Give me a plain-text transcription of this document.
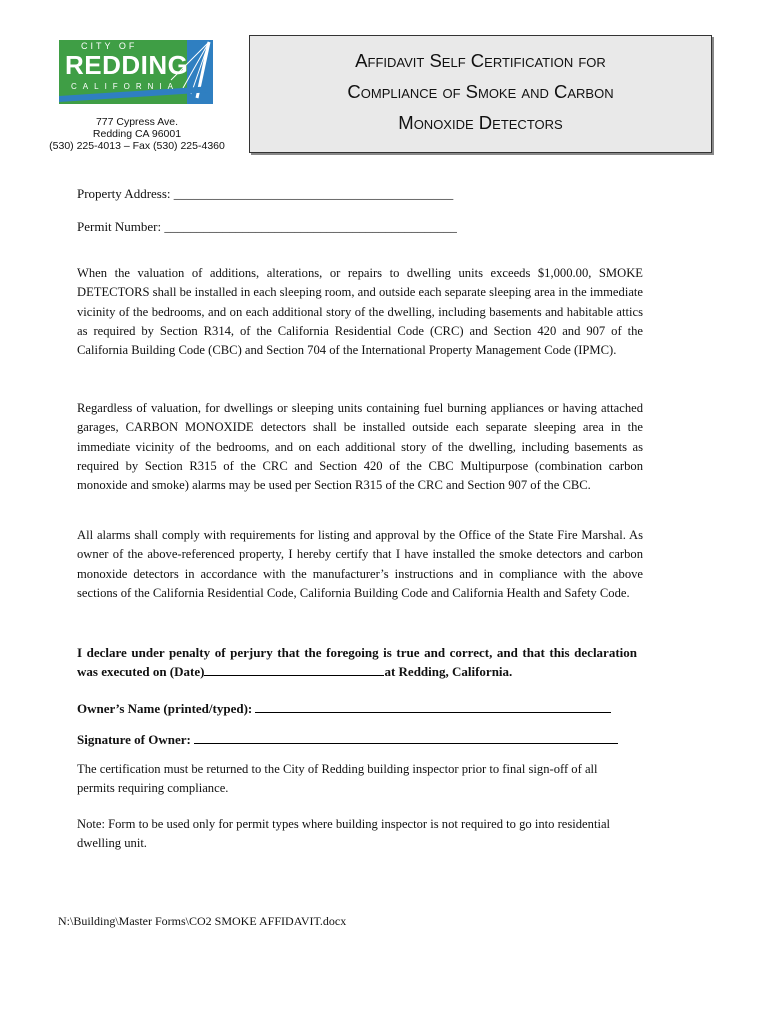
CITY OF
REDDING
CALIFORNIA
777 Cypress Ave.
Redding CA 96001
(530) 225-4013 – Fax (530) 225-4360
Affidavit Self Certification for
Compliance of Smoke and Carbon
Monoxide Detectors
Property Address: ___________________________________________
Permit Number: _____________________________________________

When the valuation of additions, alterations, or repairs to dwelling units exceeds $1,000.00, SMOKE DETECTORS shall be installed in each sleeping room, and outside each separate sleeping area in the immediate vicinity of the bedrooms, and on each additional story of the dwelling, including basements and habitable attics as required by Section R314, of the California Residential Code (CRC) and Section 420 and 907 of the California Building Code (CBC) and Section 704 of the International Property Management Code (IPMC).

Regardless of valuation, for dwellings or sleeping units containing fuel burning appliances or having attached garages, CARBON MONOXIDE detectors shall be installed outside each separate sleeping area in the immediate vicinity of the bedrooms, and on each additional story of the dwelling, including basements as required by Section R315 of the CRC and Section 420 of the CBC Multipurpose (combination carbon monoxide and smoke) alarms may be used per Section R315 of the CRC and Section 907 of the CBC.

All alarms shall comply with requirements for listing and approval by the Office of the State Fire Marshal. As owner of the above-referenced property, I hereby certify that I have installed the smoke detectors and carbon monoxide detectors in accordance with the manufacturer’s instructions and in compliance with the above sections of the California Residential Code, California Building Code and California Health and Safety Code.

I declare under penalty of perjury that the foregoing is true and correct, and that this declaration was executed on (Date)	at Redding, California.

Owner’s Name (printed/typed):
Signature of Owner:

The certification must be returned to the City of Redding building inspector prior to final sign-off of all permits requiring compliance.

Note: Form to be used only for permit types where building inspector is not required to go into residential dwelling unit.

N:\Building\Master Forms\CO2 SMOKE AFFIDAVIT.docx
